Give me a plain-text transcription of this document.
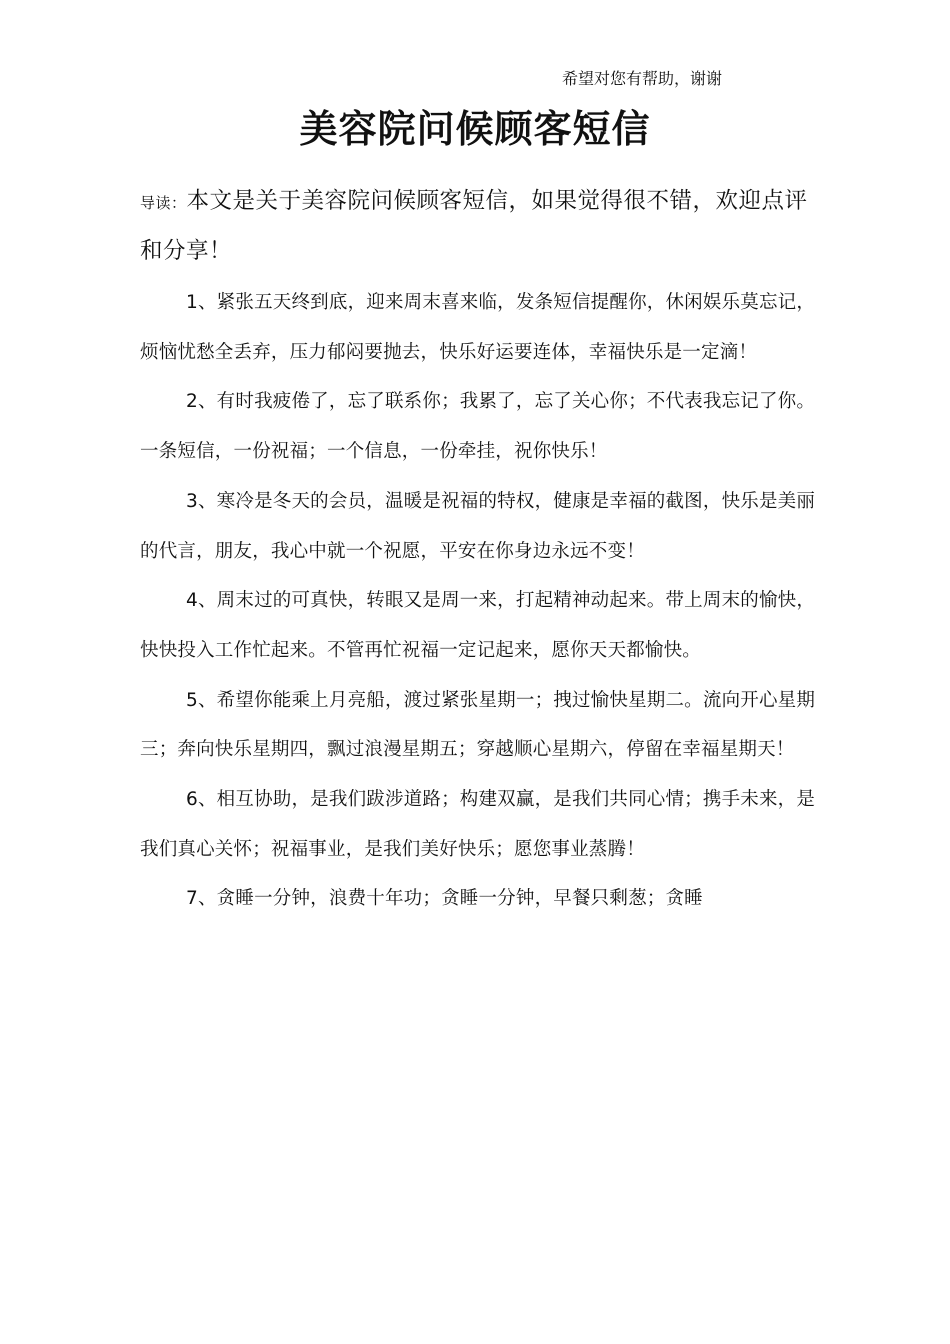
希望对您有帮助，谢谢
美容院问候顾客短信
导读：本文是关于美容院问候顾客短信，如果觉得很不错，欢迎点评和分享！

1、紧张五天终到底，迎来周末喜来临，发条短信提醒你，休闲娱乐莫忘记，烦恼忧愁全丢弃，压力郁闷要抛去，快乐好运要连体，幸福快乐是一定滴！

2、有时我疲倦了，忘了联系你；我累了，忘了关心你；不代表我忘记了你。一条短信，一份祝福；一个信息，一份牵挂，祝你快乐！

3、寒冷是冬天的会员，温暖是祝福的特权，健康是幸福的截图，快乐是美丽的代言，朋友，我心中就一个祝愿，平安在你身边永远不变！

4、周末过的可真快，转眼又是周一来，打起精神动起来。带上周末的愉快，快快投入工作忙起来。不管再忙祝福一定记起来，愿你天天都愉快。

5、希望你能乘上月亮船，渡过紧张星期一；拽过愉快星期二。流向开心星期三；奔向快乐星期四，飘过浪漫星期五；穿越顺心星期六，停留在幸福星期天！

6、相互协助，是我们跋涉道路；构建双赢，是我们共同心情；携手未来，是我们真心关怀；祝福事业，是我们美好快乐；愿您事业蒸腾！

7、贪睡一分钟，浪费十年功；贪睡一分钟，早餐只剩葱；贪睡
